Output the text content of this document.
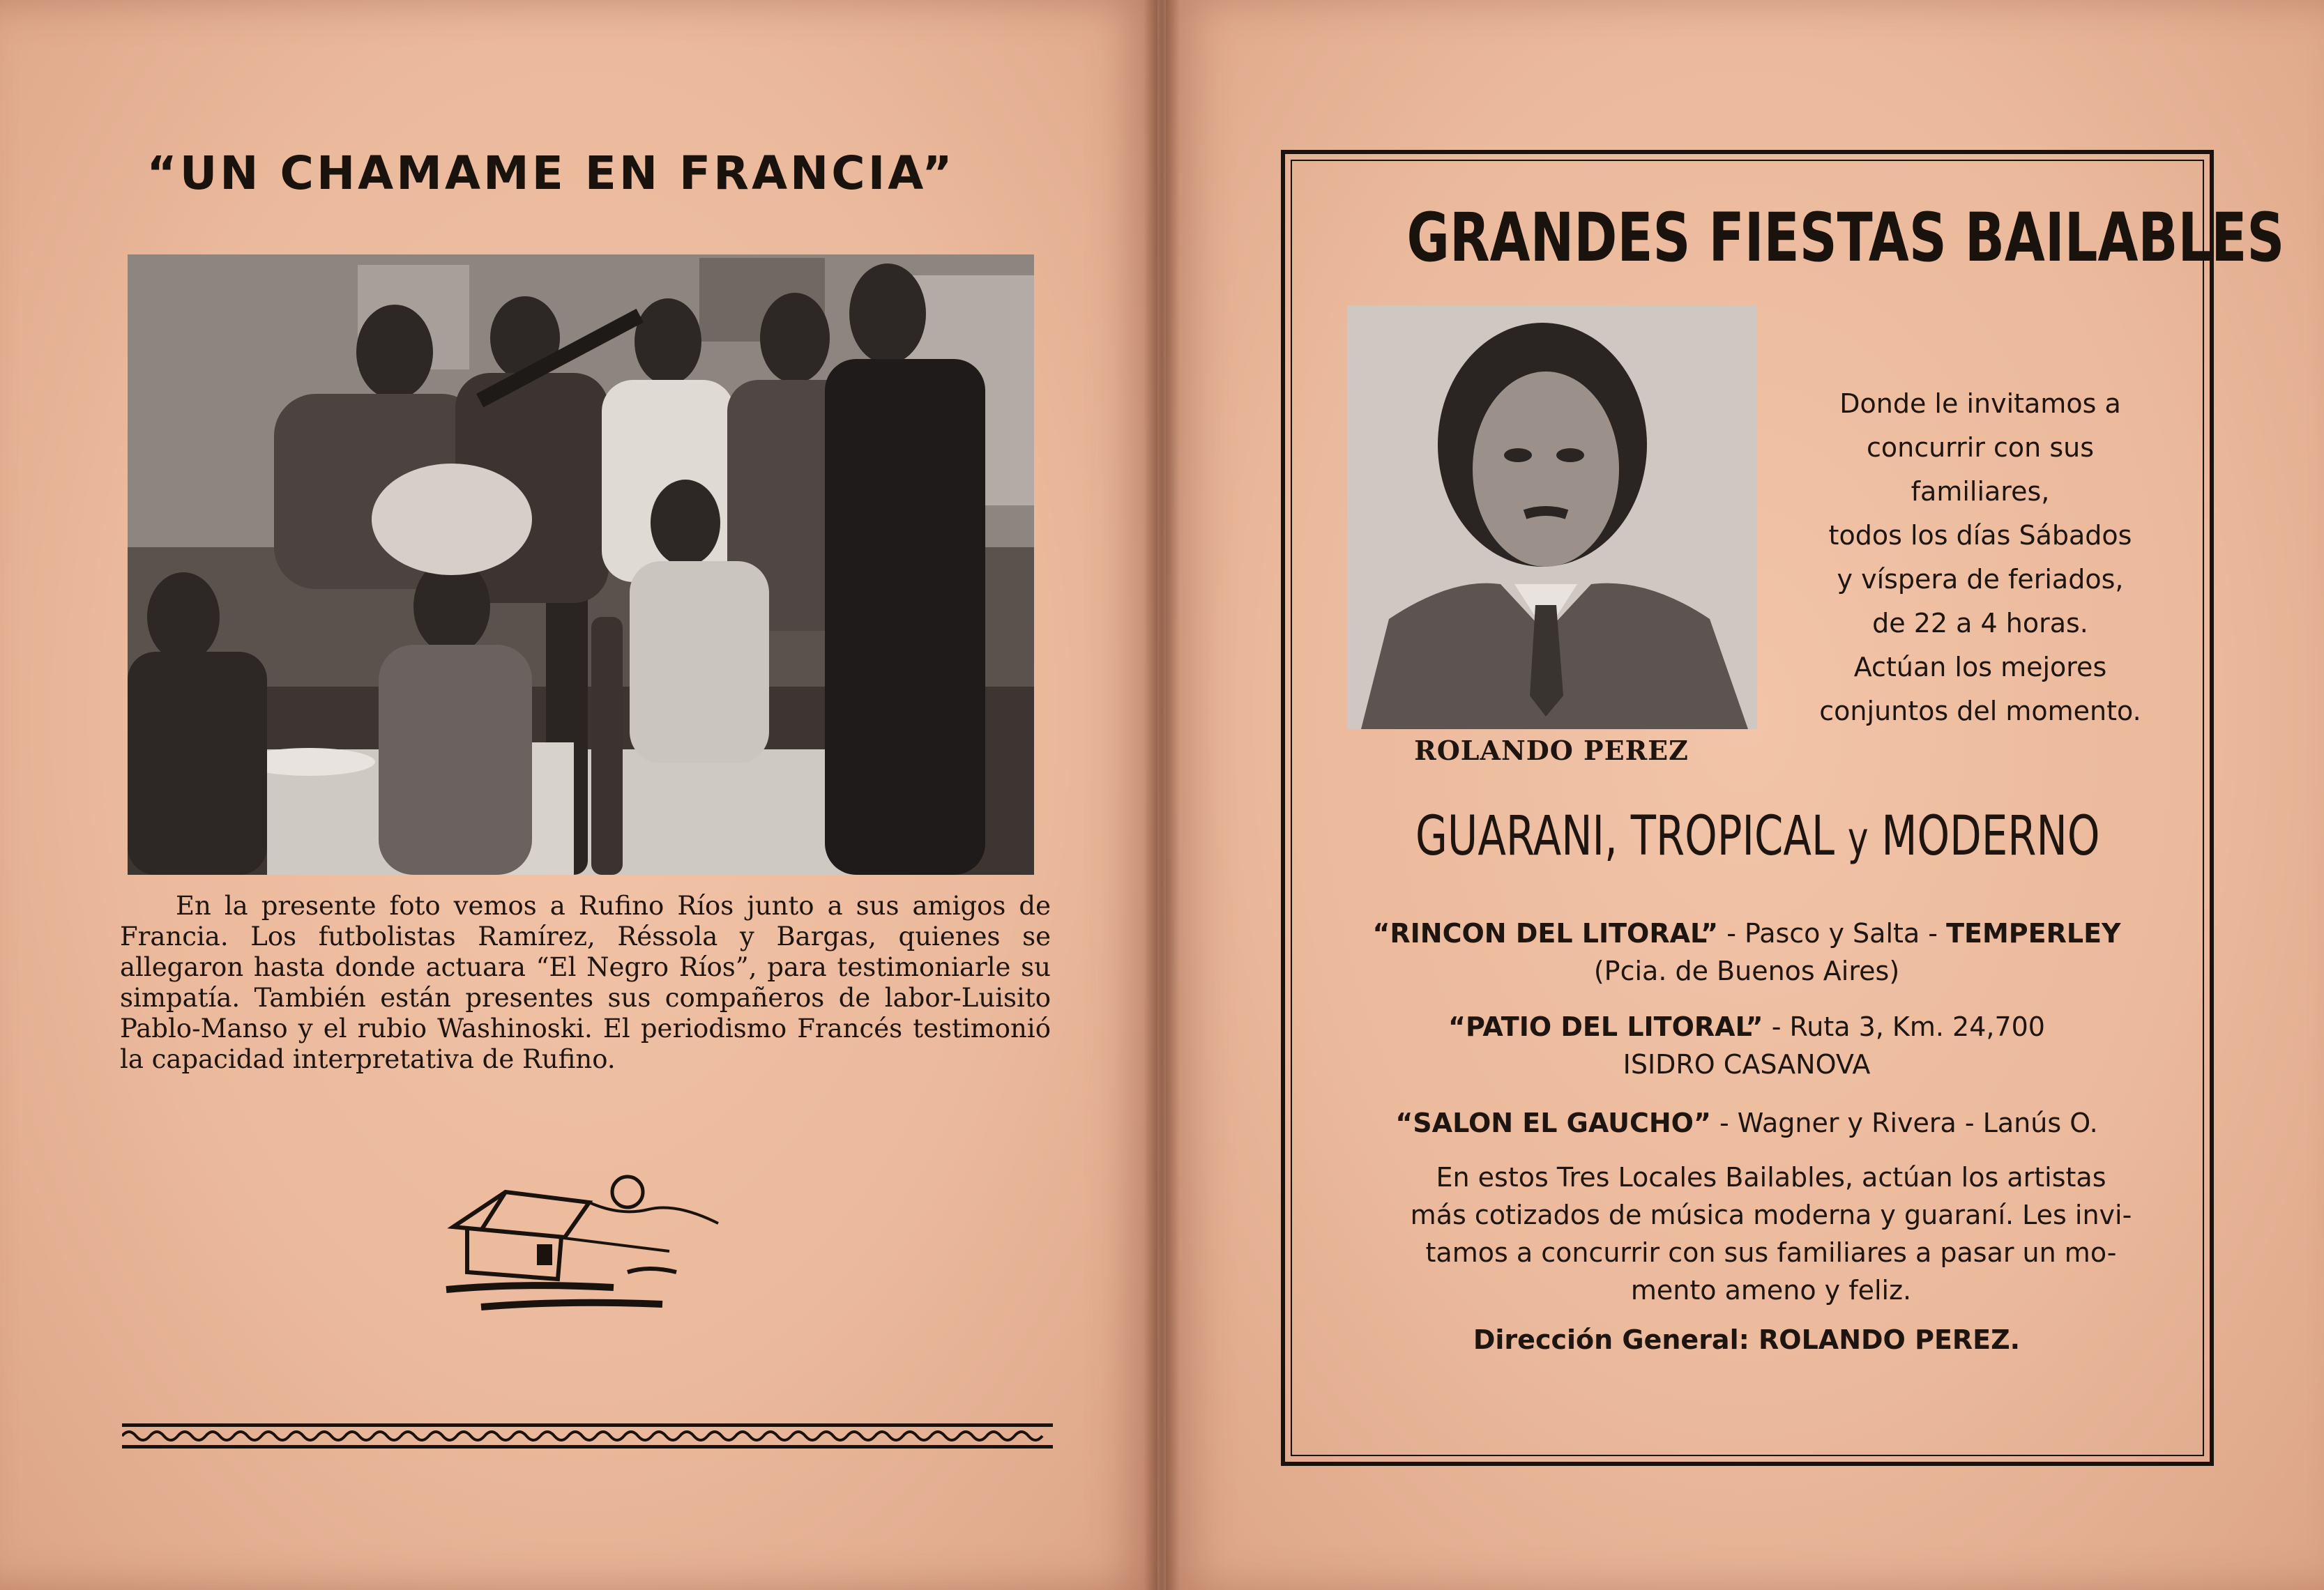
“UN CHAMAME EN FRANCIA”

En la presente foto vemos a Rufino Ríos junto a sus amigos de Francia. Los futbolistas Ramírez, Réssola y Bargas, quienes se allegaron hasta donde actuara “El Negro Ríos”, para testimoniarle su simpatía. También están presentes sus compañeros de labor-Luisito Pablo-Manso y el rubio Washinoski. El periodismo Francés testimonió la capacidad interpretativa de Rufino.

GRANDES FIESTAS BAILABLES
ROLANDO PEREZ
Donde le invitamos a
concurrir con sus
familiares,
todos los días Sábados
y víspera de feriados,
de 22 a 4 horas.
Actúan los mejores
conjuntos del momento.
GUARANI, TROPICAL y MODERNO
“RINCON DEL LITORAL” - Pasco y Salta - TEMPERLEY
(Pcia. de Buenos Aires)
“PATIO DEL LITORAL” - Ruta 3, Km. 24,700
ISIDRO CASANOVA
“SALON EL GAUCHO” - Wagner y Rivera - Lanús O.
En estos Tres Locales Bailables, actúan los artistas
más cotizados de música moderna y guaraní. Les invi-
tamos a concurrir con sus familiares a pasar un mo-
mento ameno y feliz.
Dirección General: ROLANDO PEREZ.
